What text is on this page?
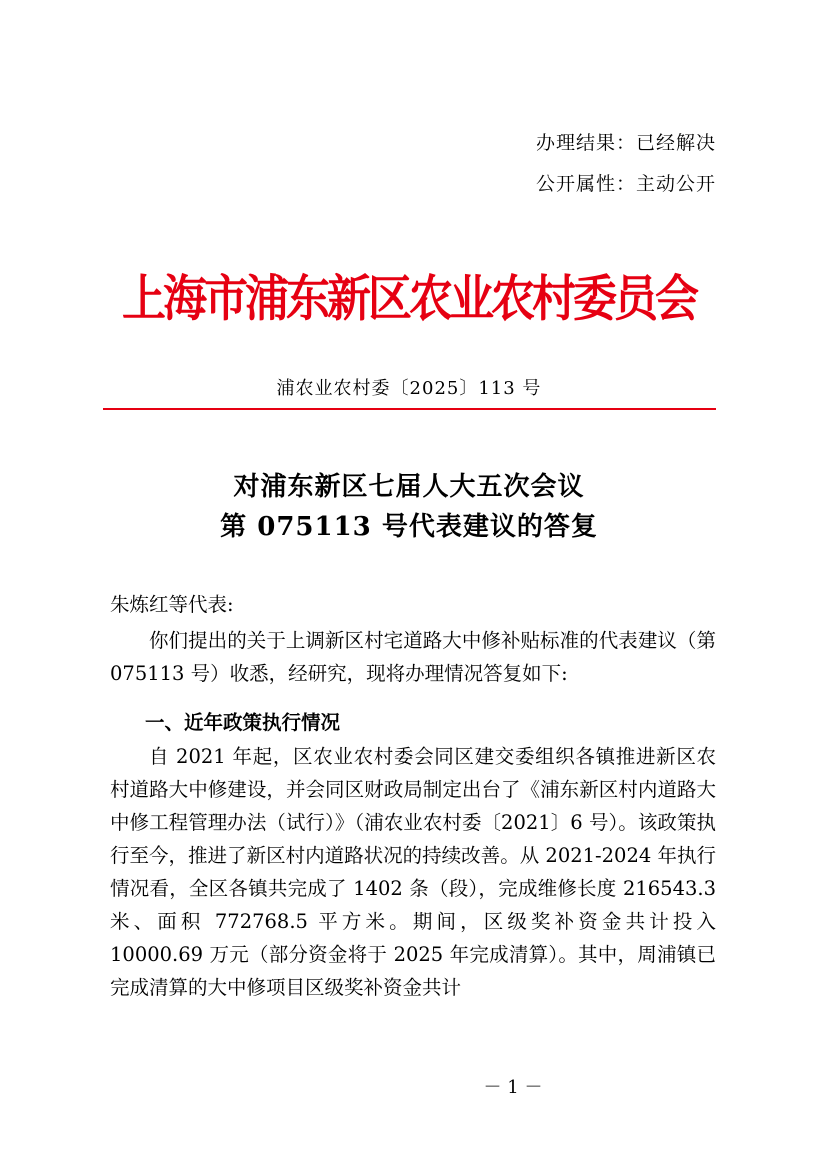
办理结果：已经解决
公开属性：主动公开
上海市浦东新区农业农村委员会
浦农业农村委〔2025〕113 号
对浦东新区七届人大五次会议
第 075113 号代表建议的答复
朱炼红等代表:
你们提出的关于上调新区村宅道路大中修补贴标准的代表建议（第 075113 号）收悉，经研究，现将办理情况答复如下:
一、近年政策执行情况
自 2021 年起，区农业农村委会同区建交委组织各镇推进新区农村道路大中修建设，并会同区财政局制定出台了《浦东新区村内道路大中修工程管理办法（试行）》（浦农业农村委〔2021〕6 号）。该政策执行至今，推进了新区村内道路状况的持续改善。从 2021-2024 年执行情况看，全区各镇共完成了 1402 条（段），完成维修长度 216543.3 米、面积 772768.5 平方米。期间，区级奖补资金共计投入 10000.69 万元（部分资金将于 2025 年完成清算）。其中，周浦镇已完成清算的大中修项目区级奖补资金共计
－ 1 －
